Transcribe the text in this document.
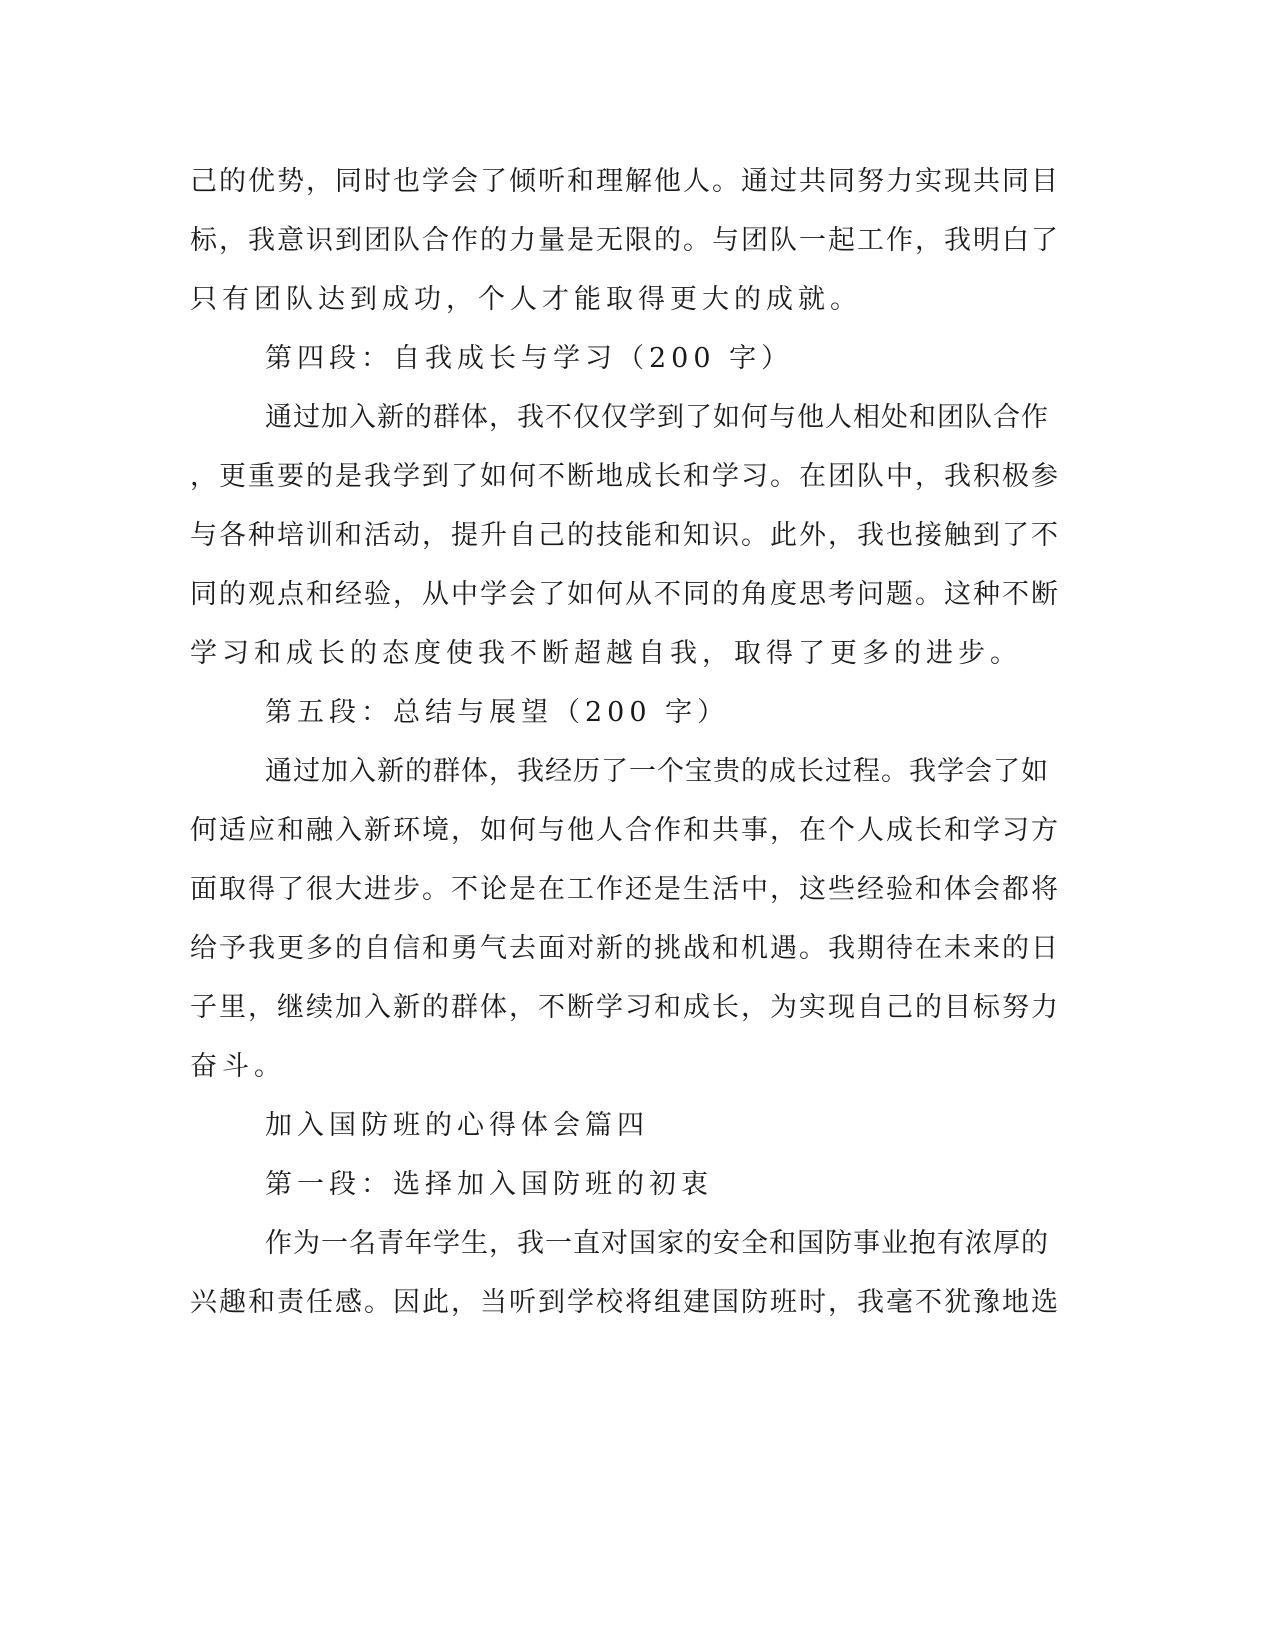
己的优势，同时也学会了倾听和理解他人。通过共同努力实现共同目
标，我意识到团队合作的力量是无限的。与团队一起工作，我明白了
只有团队达到成功，个人才能取得更大的成就。
第四段：自我成长与学习（200 字）
通过加入新的群体，我不仅仅学到了如何与他人相处和团队合作
，更重要的是我学到了如何不断地成长和学习。在团队中，我积极参
与各种培训和活动，提升自己的技能和知识。此外，我也接触到了不
同的观点和经验，从中学会了如何从不同的角度思考问题。这种不断
学习和成长的态度使我不断超越自我，取得了更多的进步。
第五段：总结与展望（200 字）
通过加入新的群体，我经历了一个宝贵的成长过程。我学会了如
何适应和融入新环境，如何与他人合作和共事，在个人成长和学习方
面取得了很大进步。不论是在工作还是生活中，这些经验和体会都将
给予我更多的自信和勇气去面对新的挑战和机遇。我期待在未来的日
子里，继续加入新的群体，不断学习和成长，为实现自己的目标努力
奋斗。
加入国防班的心得体会篇四
第一段：选择加入国防班的初衷
作为一名青年学生，我一直对国家的安全和国防事业抱有浓厚的
兴趣和责任感。因此，当听到学校将组建国防班时，我毫不犹豫地选
